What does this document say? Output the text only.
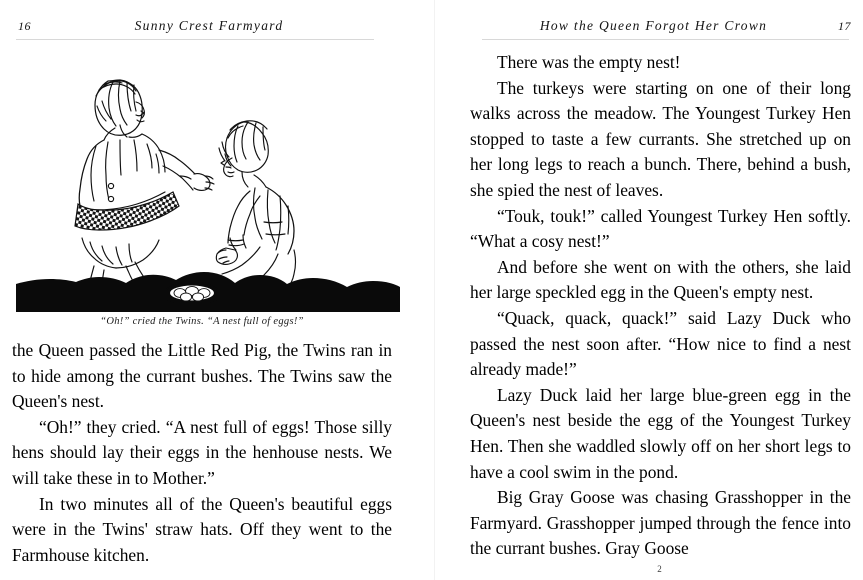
16	Sunny Crest Farmyard
“Oh!” cried the Twins. “A nest full of eggs!”

the Queen passed the Little Red Pig, the Twins ran in to hide among the currant bushes. The Twins saw the Queen's nest.

“Oh!” they cried. “A nest full of eggs! Those silly hens should lay their eggs in the henhouse nests. We will take these in to Mother.”

In two minutes all of the Queen's beautiful eggs were in the Twins' straw hats. Off they went to the Farmhouse kitchen.

How the Queen Forgot Her Crown	17

There was the empty nest!

The turkeys were starting on one of their long walks across the meadow. The Youngest Turkey Hen stopped to taste a few currants. She stretched up on her long legs to reach a bunch. There, behind a bush, she spied the nest of leaves.

“Touk, touk!” called Youngest Turkey Hen softly. “What a cosy nest!”

And before she went on with the others, she laid her large speckled egg in the Queen's empty nest.

“Quack, quack, quack!” said Lazy Duck who passed the nest soon after. “How nice to find a nest already made!”

Lazy Duck laid her large blue-green egg in the Queen's nest beside the egg of the Youngest Turkey Hen. Then she waddled slowly off on her short legs to have a cool swim in the pond.

Big Gray Goose was chasing Grasshopper in the Farmyard. Grasshopper jumped through the fence into the currant bushes. Gray Goose

2
